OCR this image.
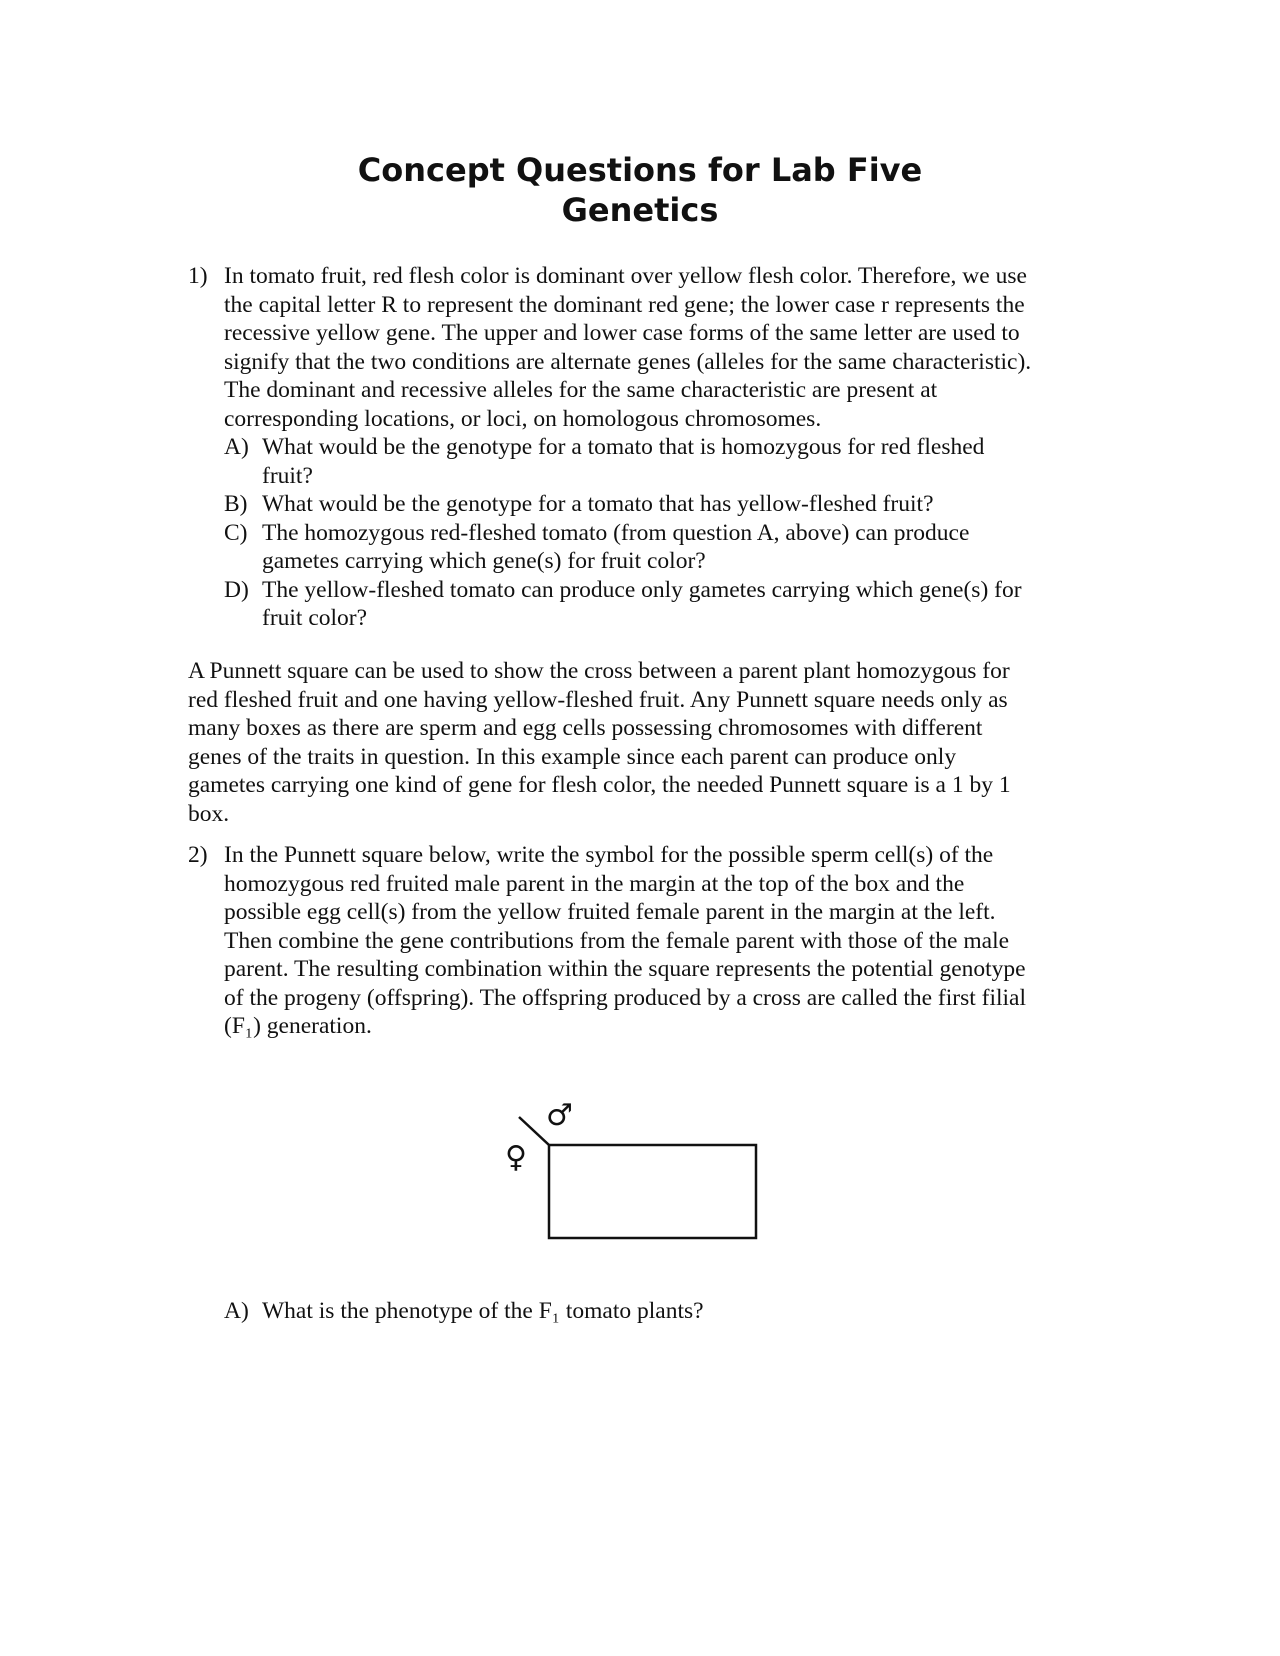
Concept Questions for Lab Five
Genetics
1) In tomato fruit, red flesh color is dominant over yellow flesh color. Therefore, we use
the capital letter R to represent the dominant red gene; the lower case r represents the
recessive yellow gene. The upper and lower case forms of the same letter are used to
signify that the two conditions are alternate genes (alleles for the same characteristic).
The dominant and recessive alleles for the same characteristic are present at
corresponding locations, or loci, on homologous chromosomes.
A) What would be the genotype for a tomato that is homozygous for red fleshed
fruit?
B) What would be the genotype for a tomato that has yellow-fleshed fruit?
C) The homozygous red-fleshed tomato (from question A, above) can produce
gametes carrying which gene(s) for fruit color?
D) The yellow-fleshed tomato can produce only gametes carrying which gene(s) for
fruit color?
A Punnett square can be used to show the cross between a parent plant homozygous for
red fleshed fruit and one having yellow-fleshed fruit. Any Punnett square needs only as
many boxes as there are sperm and egg cells possessing chromosomes with different
genes of the traits in question. In this example since each parent can produce only
gametes carrying one kind of gene for flesh color, the needed Punnett square is a 1 by 1
box.
2) In the Punnett square below, write the symbol for the possible sperm cell(s) of the
homozygous red fruited male parent in the margin at the top of the box and the
possible egg cell(s) from the yellow fruited female parent in the margin at the left.
Then combine the gene contributions from the female parent with those of the male
parent. The resulting combination within the square represents the potential genotype
of the progeny (offspring). The offspring produced by a cross are called the first filial
(F₁) generation.
♂
♀
A) What is the phenotype of the F₁ tomato plants?
